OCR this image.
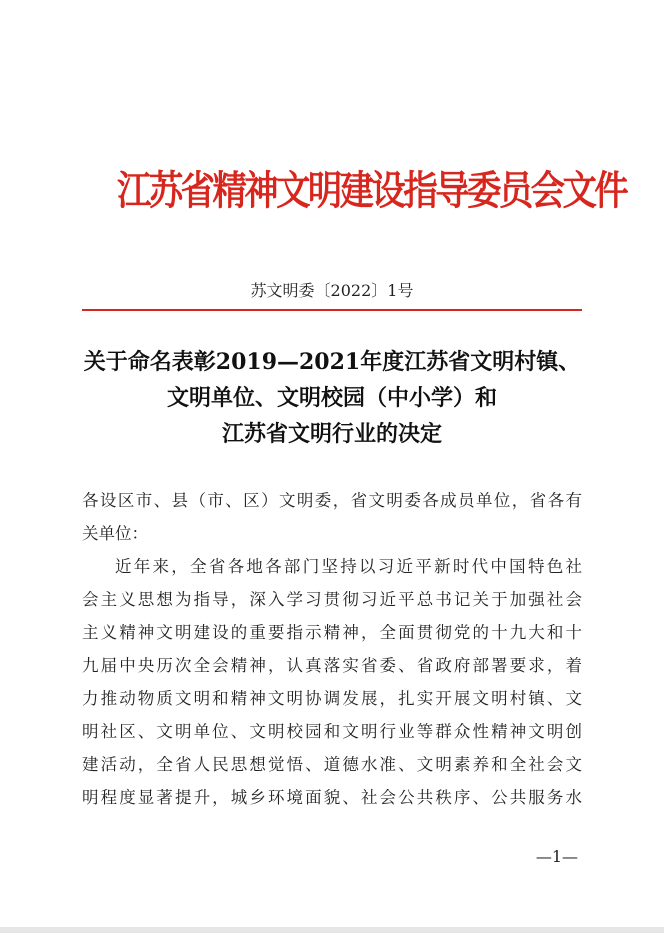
江苏省精神文明建设指导委员会文件
苏文明委〔2022〕1号
关于命名表彰2019—2021年度江苏省文明村镇、
文明单位、文明校园（中小学）和
江苏省文明行业的决定
各设区市、县（市、区）文明委，省文明委各成员单位，省各有
关单位：
近年来，全省各地各部门坚持以习近平新时代中国特色社
会主义思想为指导，深入学习贯彻习近平总书记关于加强社会
主义精神文明建设的重要指示精神，全面贯彻党的十九大和十
九届中央历次全会精神，认真落实省委、省政府部署要求，着
力推动物质文明和精神文明协调发展，扎实开展文明村镇、文
明社区、文明单位、文明校园和文明行业等群众性精神文明创
建活动，全省人民思想觉悟、道德水准、文明素养和全社会文
明程度显著提升，城乡环境面貌、社会公共秩序、公共服务水
—1—
